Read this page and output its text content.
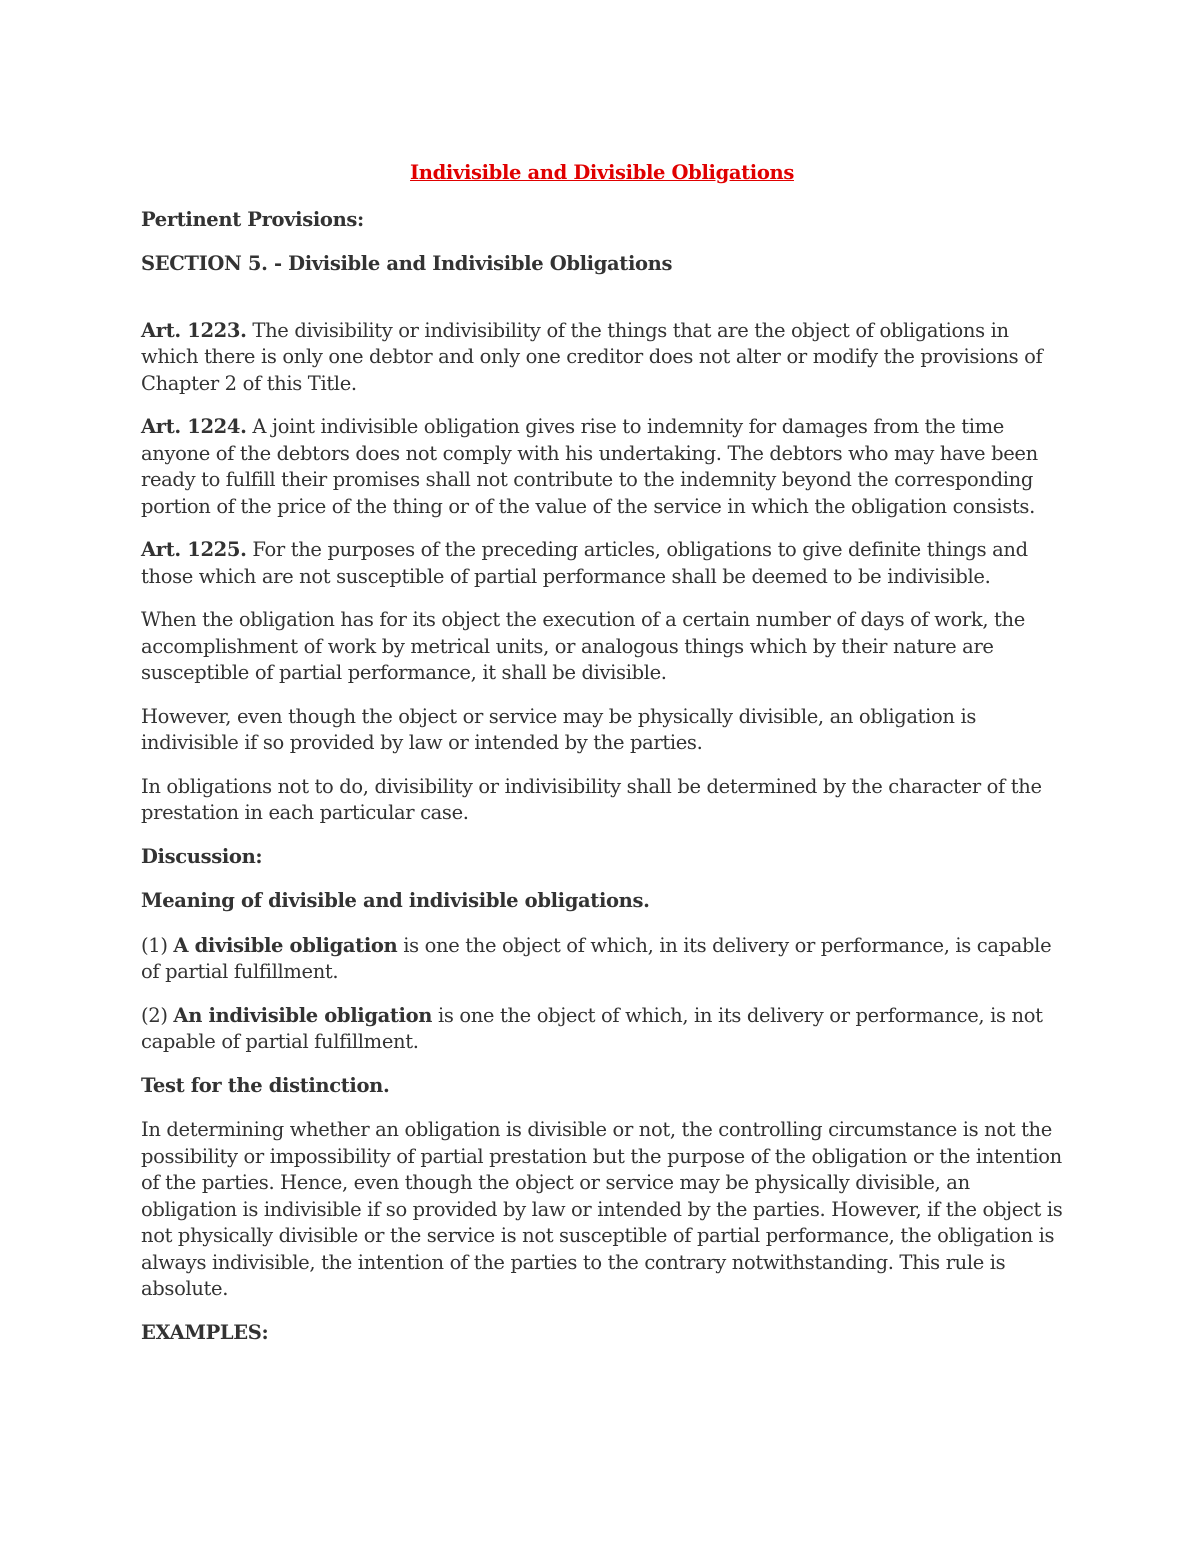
Indivisible and Divisible Obligations
Pertinent Provisions:
SECTION 5. - Divisible and Indivisible Obligations

Art. 1223. The divisibility or indivisibility of the things that are the object of obligations in which there is only one debtor and only one creditor does not alter or modify the provisions of Chapter 2 of this Title.

Art. 1224. A joint indivisible obligation gives rise to indemnity for damages from the time anyone of the debtors does not comply with his undertaking. The debtors who may have been ready to fulfill their promises shall not contribute to the indemnity beyond the corresponding portion of the price of the thing or of the value of the service in which the obligation consists.

Art. 1225. For the purposes of the preceding articles, obligations to give definite things and those which are not susceptible of partial performance shall be deemed to be indivisible.

When the obligation has for its object the execution of a certain number of days of work, the accomplishment of work by metrical units, or analogous things which by their nature are susceptible of partial performance, it shall be divisible.

However, even though the object or service may be physically divisible, an obligation is indivisible if so provided by law or intended by the parties.

In obligations not to do, divisibility or indivisibility shall be determined by the character of the prestation in each particular case.

Discussion:
Meaning of divisible and indivisible obligations.

(1) A divisible obligation is one the object of which, in its delivery or performance, is capable of partial fulfillment.

(2) An indivisible obligation is one the object of which, in its delivery or performance, is not capable of partial fulfillment.

Test for the distinction.

In determining whether an obligation is divisible or not, the controlling circumstance is not the possibility or impossibility of partial prestation but the purpose of the obligation or the intention of the parties. Hence, even though the object or service may be physically divisible, an obligation is indivisible if so provided by law or intended by the parties. However, if the object is not physically divisible or the service is not susceptible of partial performance, the obligation is always indivisible, the intention of the parties to the contrary notwithstanding. This rule is absolute.

EXAMPLES:
